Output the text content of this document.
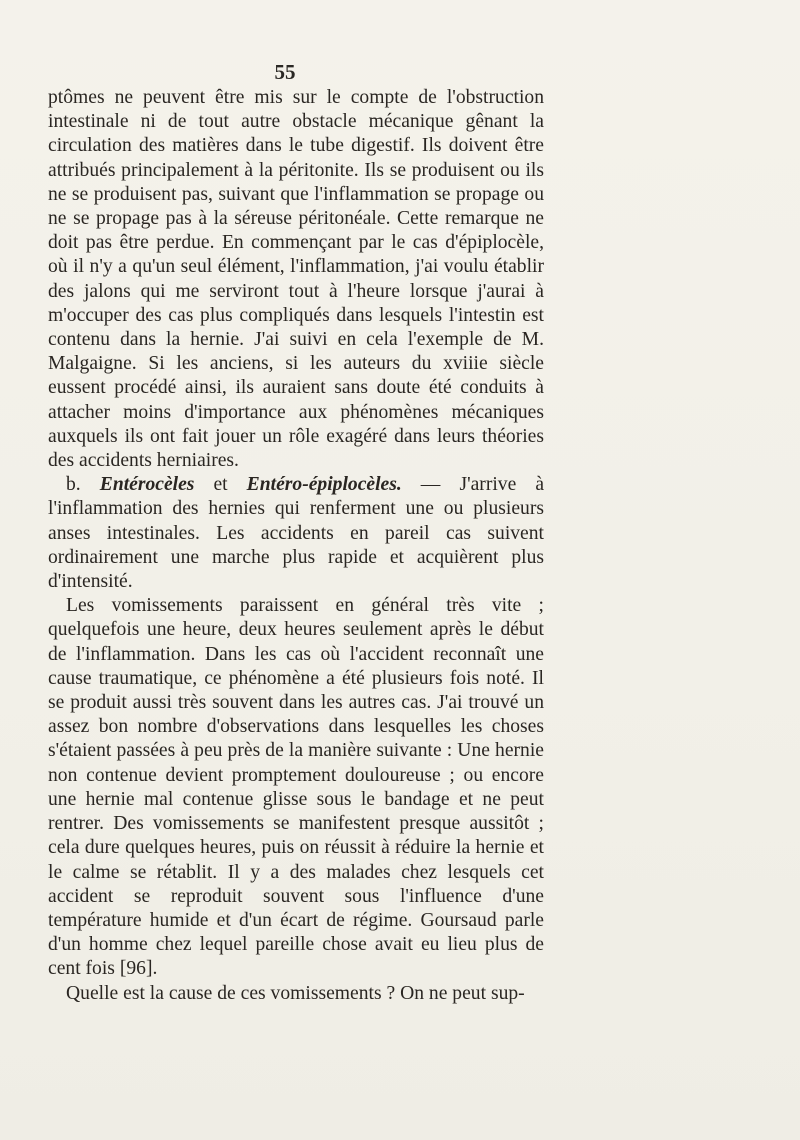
55

ptômes ne peuvent être mis sur le compte de l'obstruction intestinale ni de tout autre obstacle mécanique gênant la circulation des matières dans le tube digestif. Ils doivent être attribués principalement à la péritonite. Ils se produisent ou ils ne se produisent pas, suivant que l'inflammation se propage ou ne se propage pas à la séreuse péritonéale. Cette remarque ne doit pas être perdue. En commençant par le cas d'épiplocèle, où il n'y a qu'un seul élément, l'inflammation, j'ai voulu établir des jalons qui me serviront tout à l'heure lorsque j'aurai à m'occuper des cas plus compliqués dans lesquels l'intestin est contenu dans la hernie. J'ai suivi en cela l'exemple de M. Malgaigne. Si les anciens, si les auteurs du xviiie siècle eussent procédé ainsi, ils auraient sans doute été conduits à attacher moins d'importance aux phénomènes mécaniques auxquels ils ont fait jouer un rôle exagéré dans leurs théories des accidents herniaires.

b. Entérocèles et Entéro-épiplocèles. — J'arrive à l'inflammation des hernies qui renferment une ou plusieurs anses intestinales. Les accidents en pareil cas suivent ordinairement une marche plus rapide et acquièrent plus d'intensité.

Les vomissements paraissent en général très vite ; quelquefois une heure, deux heures seulement après le début de l'inflammation. Dans les cas où l'accident reconnaît une cause traumatique, ce phénomène a été plusieurs fois noté. Il se produit aussi très souvent dans les autres cas. J'ai trouvé un assez bon nombre d'observations dans lesquelles les choses s'étaient passées à peu près de la manière suivante : Une hernie non contenue devient promptement douloureuse ; ou encore une hernie mal contenue glisse sous le bandage et ne peut rentrer. Des vomissements se manifestent presque aussitôt ; cela dure quelques heures, puis on réussit à réduire la hernie et le calme se rétablit. Il y a des malades chez lesquels cet accident se reproduit souvent sous l'influence d'une température humide et d'un écart de régime. Goursaud parle d'un homme chez lequel pareille chose avait eu lieu plus de cent fois [96].

Quelle est la cause de ces vomissements ? On ne peut sup-
